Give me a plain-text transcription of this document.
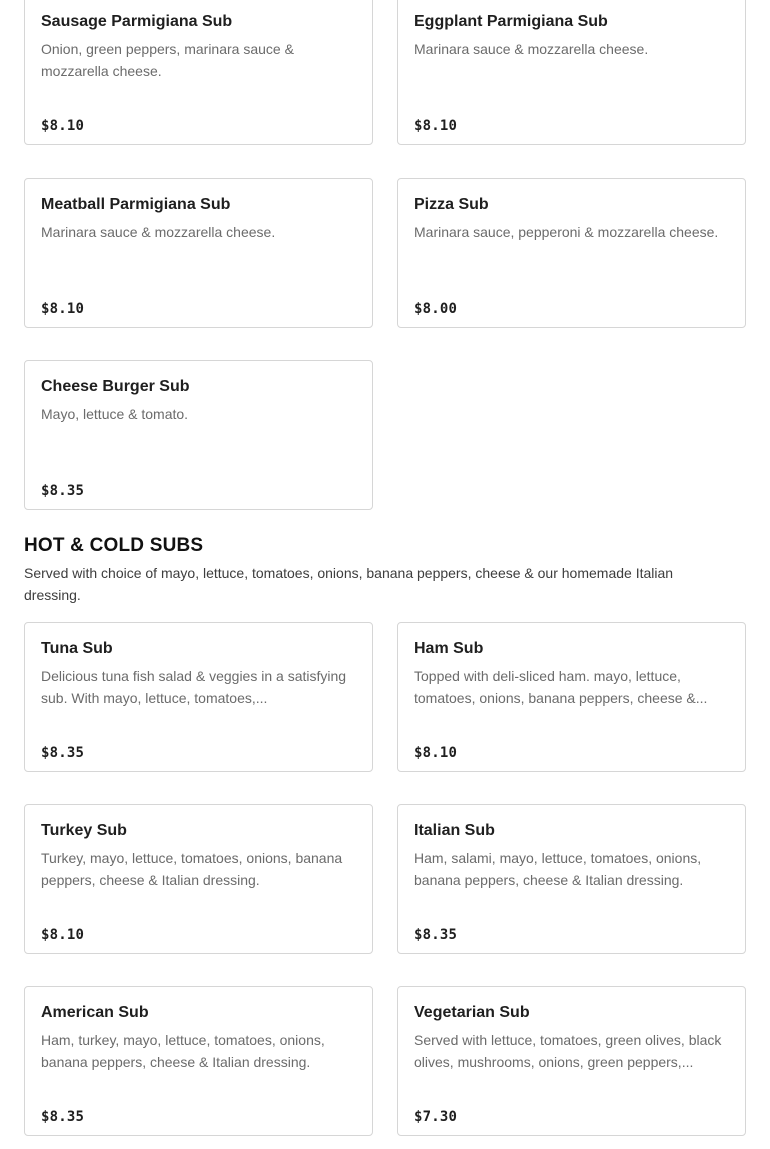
Sausage Parmigiana Sub
Onion, green peppers, marinara sauce & mozzarella cheese.
$8.10
Eggplant Parmigiana Sub
Marinara sauce & mozzarella cheese.
$8.10
Meatball Parmigiana Sub
Marinara sauce & mozzarella cheese.
$8.10
Pizza Sub
Marinara sauce, pepperoni & mozzarella cheese.
$8.00
Cheese Burger Sub
Mayo, lettuce & tomato.
$8.35
HOT & COLD SUBS
Served with choice of mayo, lettuce, tomatoes, onions, banana peppers, cheese & our homemade Italian dressing.
Tuna Sub
Delicious tuna fish salad & veggies in a satisfying sub. With mayo, lettuce, tomatoes,...
$8.35
Ham Sub
Topped with deli-sliced ham. mayo, lettuce, tomatoes, onions, banana peppers, cheese &...
$8.10
Turkey Sub
Turkey, mayo, lettuce, tomatoes, onions, banana peppers, cheese & Italian dressing.
$8.10
Italian Sub
Ham, salami, mayo, lettuce, tomatoes, onions, banana peppers, cheese & Italian dressing.
$8.35
American Sub
Ham, turkey, mayo, lettuce, tomatoes, onions, banana peppers, cheese & Italian dressing.
$8.35
Vegetarian Sub
Served with lettuce, tomatoes, green olives, black olives, mushrooms, onions, green peppers,...
$7.30
